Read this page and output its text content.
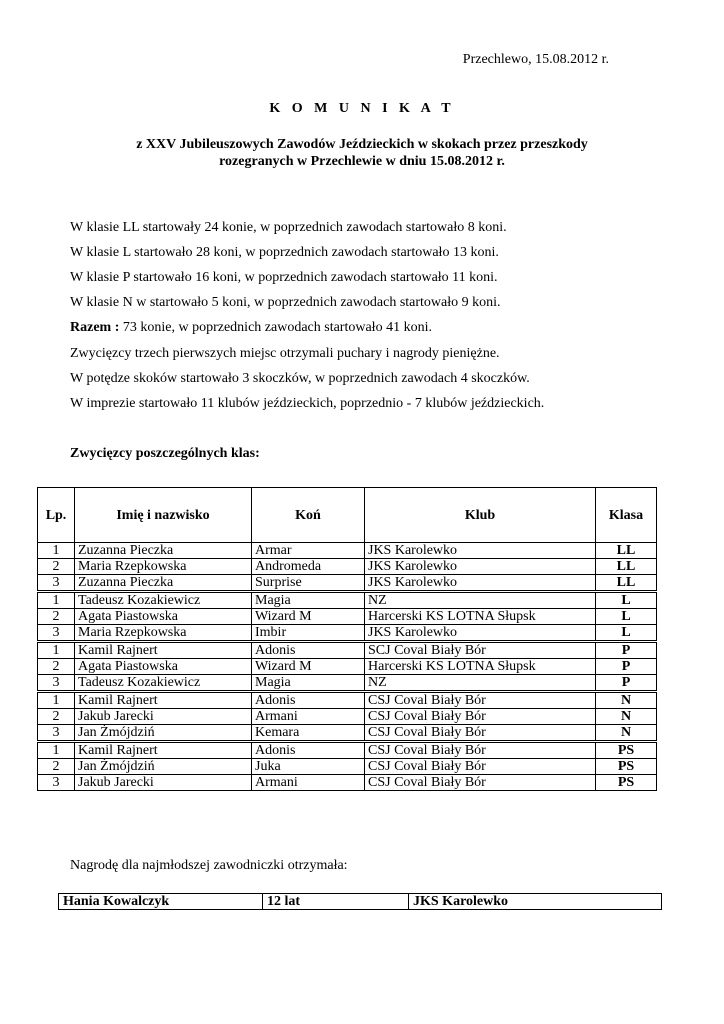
Przechlewo, 15.08.2012 r.
K O M U N I K A T
z XXV Jubileuszowych Zawodów Jeździeckich w skokach przez przeszkody
rozegranych w Przechlewie w dniu 15.08.2012 r.
W klasie LL startowały 24 konie, w poprzednich zawodach startowało 8 koni.
W klasie L startowało 28 koni, w poprzednich zawodach startowało 13 koni.
W klasie P startowało 16 koni, w poprzednich zawodach startowało 11 koni.
W klasie N w startowało 5 koni, w poprzednich zawodach startowało 9 koni.
Razem : 73 konie, w poprzednich zawodach startowało 41 koni.
Zwycięzcy trzech pierwszych miejsc otrzymali puchary i nagrody pieniężne.
W potędze skoków startowało 3 skoczków, w poprzednich zawodach 4 skoczków.
W imprezie startowało 11 klubów jeździeckich, poprzednio - 7 klubów jeździeckich.
Zwycięzcy poszczególnych klas:
Lp.	Imię i nazwisko	Koń	Klub	Klasa
1	Zuzanna Pieczka	Armar	JKS Karolewko	LL
2	Maria Rzepkowska	Andromeda	JKS Karolewko	LL
3	Zuzanna Pieczka	Surprise	JKS Karolewko	LL
1	Tadeusz Kozakiewicz	Magia	NZ	L
2	Agata Piastowska	Wizard M	Harcerski KS LOTNA Słupsk	L
3	Maria Rzepkowska	Imbir	JKS Karolewko	L
1	Kamil Rajnert	Adonis	SCJ Coval Biały Bór	P
2	Agata Piastowska	Wizard M	Harcerski KS LOTNA Słupsk	P
3	Tadeusz Kozakiewicz	Magia	NZ	P
1	Kamil Rajnert	Adonis	CSJ Coval Biały Bór	N
2	Jakub Jarecki	Armani	CSJ Coval Biały Bór	N
3	Jan Żmójdziń	Kemara	CSJ Coval Biały Bór	N
1	Kamil Rajnert	Adonis	CSJ Coval Biały Bór	PS
2	Jan Żmójdziń	Juka	CSJ Coval Biały Bór	PS
3	Jakub Jarecki	Armani	CSJ Coval Biały Bór	PS
Nagrodę dla najmłodszej zawodniczki otrzymała:
Hania Kowalczyk	12 lat	JKS Karolewko
